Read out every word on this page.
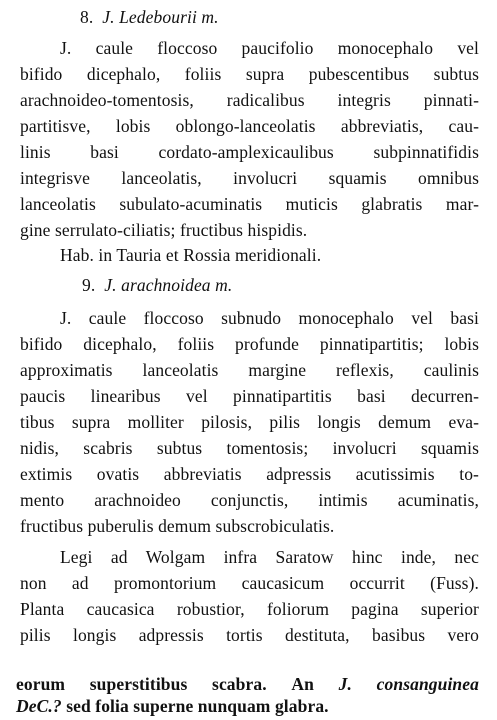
8. J. Ledebourii m.
J. caule floccoso paucifolio monocephalo vel
bifido dicephalo, foliis supra pubescentibus subtus
arachnoideo-tomentosis, radicalibus integris pinnati-
partitisve, lobis oblongo-lanceolatis abbreviatis, cau-
linis basi cordato-amplexicaulibus subpinnatifidis
integrisve lanceolatis, involucri squamis omnibus
lanceolatis subulato-acuminatis muticis glabratis mar-
gine serrulato-ciliatis; fructibus hispidis.
Hab. in Tauria et Rossia meridionali.
9. J. arachnoidea m.
J. caule floccoso subnudo monocephalo vel basi
bifido dicephalo, foliis profunde pinnatipartitis; lobis
approximatis lanceolatis margine reflexis, caulinis
paucis linearibus vel pinnatipartitis basi decurren-
tibus supra molliter pilosis, pilis longis demum eva-
nidis, scabris subtus tomentosis; involucri squamis
extimis ovatis abbreviatis adpressis acutissimis to-
mento arachnoideo conjunctis, intimis acuminatis,
fructibus puberulis demum subscrobiculatis.
Legi ad Wolgam infra Saratow hinc inde, nec
non ad promontorium caucasicum occurrit (Fuss).
Planta caucasica robustior, foliorum pagina superior
pilis longis adpressis tortis destituta, basibus vero
eorum superstitibus scabra. An J. consanguinea
DeC.? sed folia superne nunquam glabra.
